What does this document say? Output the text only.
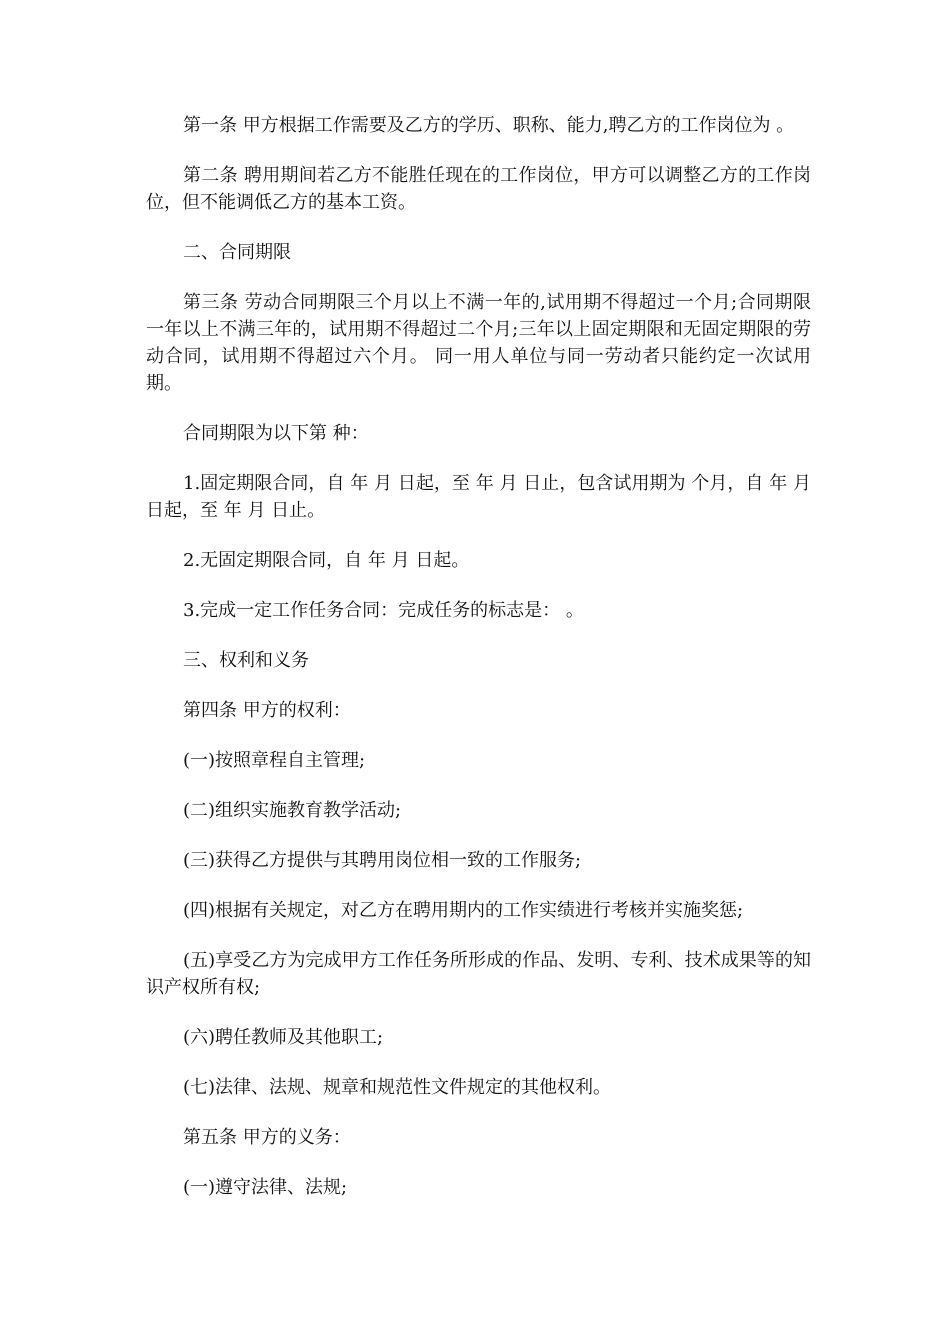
第一条 甲方根据工作需要及乙方的学历、职称、能力,聘乙方的工作岗位为 。

第二条 聘用期间若乙方不能胜任现在的工作岗位，甲方可以调整乙方的工作岗位，但不能调低乙方的基本工资。

二、合同期限

第三条 劳动合同期限三个月以上不满一年的,试用期不得超过一个月;合同期限一年以上不满三年的，试用期不得超过二个月;三年以上固定期限和无固定期限的劳动合同，试用期不得超过六个月。 同一用人单位与同一劳动者只能约定一次试用期。

合同期限为以下第 种：

1.固定期限合同，自 年 月 日起，至 年 月 日止，包含试用期为 个月，自 年 月 日起，至 年 月 日止。

2.无固定期限合同，自 年 月 日起。

3.完成一定工作任务合同：完成任务的标志是： 。

三、权利和义务

第四条 甲方的权利：

(一)按照章程自主管理;

(二)组织实施教育教学活动;

(三)获得乙方提供与其聘用岗位相一致的工作服务;

(四)根据有关规定，对乙方在聘用期内的工作实绩进行考核并实施奖惩;

(五)享受乙方为完成甲方工作任务所形成的作品、发明、专利、技术成果等的知识产权所有权;

(六)聘任教师及其他职工;

(七)法律、法规、规章和规范性文件规定的其他权利。

第五条 甲方的义务：

(一)遵守法律、法规;
